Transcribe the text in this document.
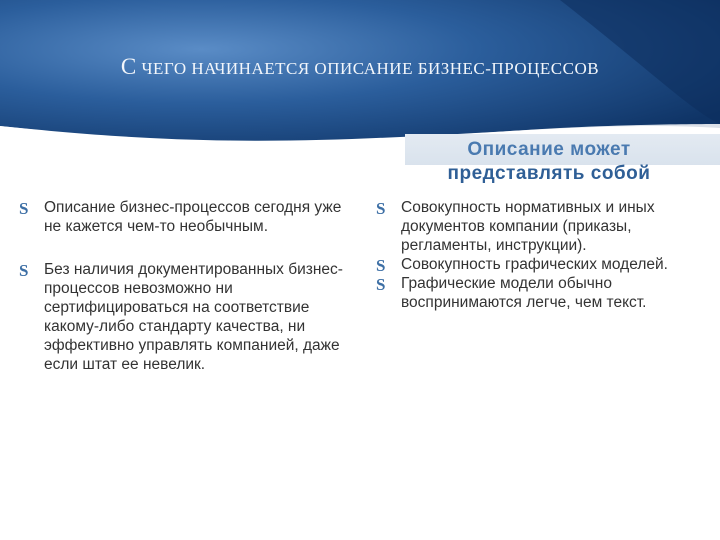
С ЧЕГО НАЧИНАЕТСЯ ОПИСАНИЕ БИЗНЕС-ПРОЦЕССОВ
Описание может
представлять собой
S Описание бизнес-процессов сегодня уже не кажется чем-то необычным.
S Без наличия документированных бизнес-процессов невозможно ни сертифицироваться на соответствие какому-либо стандарту качества, ни эффективно управлять компанией, даже если штат ее невелик.
S Совокупность нормативных и иных документов компании (приказы, регламенты, инструкции).
S Совокупность графических моделей.
S Графические модели обычно воспринимаются легче, чем текст.
